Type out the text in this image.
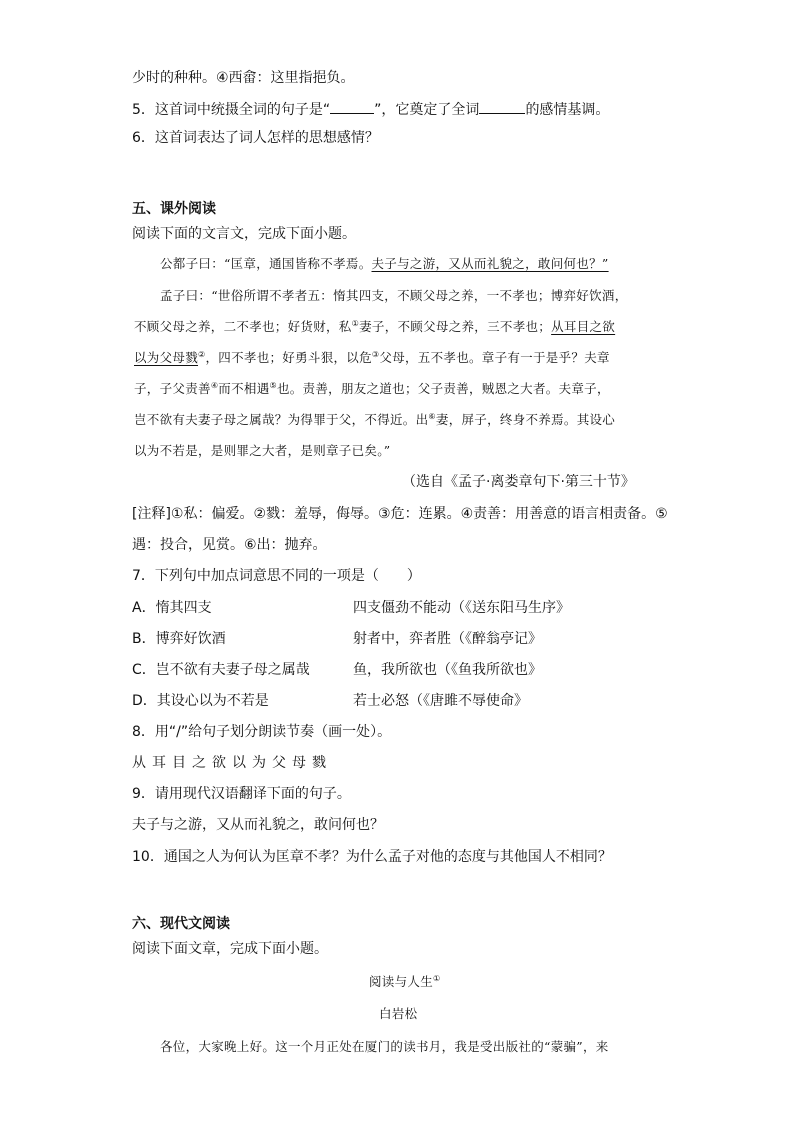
少时的种种。④西畲：这里指挹负。
5．这首词中统摄全词的句子是“	”，它奠定了全词	的感情基调。
6．这首词表达了词人怎样的思想感情？
五、课外阅读
阅读下面的文言文，完成下面小题。
公都子曰：“匡章，通国皆称不孝焉。夫子与之游，又从而礼貌之，敢问何也？”
孟子曰：“世俗所谓不孝者五：惰其四支，不顾父母之养，一不孝也；博弈好饮酒，
不顾父母之养，二不孝也；好货财，私①妻子，不顾父母之养，三不孝也；从耳目之欲
以为父母戮②，四不孝也；好勇斗狠，以危③父母，五不孝也。章子有一于是乎？夫章
子，子父责善④而不相遇⑤也。责善，朋友之道也；父子责善，贼恩之大者。夫章子，
岂不欲有夫妻子母之属哉？为得罪于父，不得近。出⑥妻，屏子，终身不养焉。其设心
以为不若是，是则罪之大者，是则章子已矣。”
（选自《孟子·离娄章句下·第三十节》
[注释]①私：偏爱。②戮：羞辱，侮辱。③危：连累。④责善：用善意的语言相责备。⑤
遇：投合，见赏。⑥出：抛弃。
7．下列句中加点词意思不同的一项是（　　）
A．惰其四支	四支僵劲不能动（《送东阳马生序》
B．博弈好饮酒	射者中，弈者胜（《醉翁亭记》
C．岂不欲有夫妻子母之属哉	鱼，我所欲也（《鱼我所欲也》
D．其设心以为不若是	若士必怒（《唐雎不辱使命》
8．用“/”给句子划分朗读节奏（画一处）。
从耳目之欲以为父母戮
9．请用现代汉语翻译下面的句子。
夫子与之游，又从而礼貌之，敢问何也？
10．通国之人为何认为匡章不孝？为什么孟子对他的态度与其他国人不相同？
六、现代文阅读
阅读下面文章，完成下面小题。
阅读与人生①
白岩松
各位，大家晚上好。这一个月正处在厦门的读书月，我是受出版社的“蒙骗”，来
